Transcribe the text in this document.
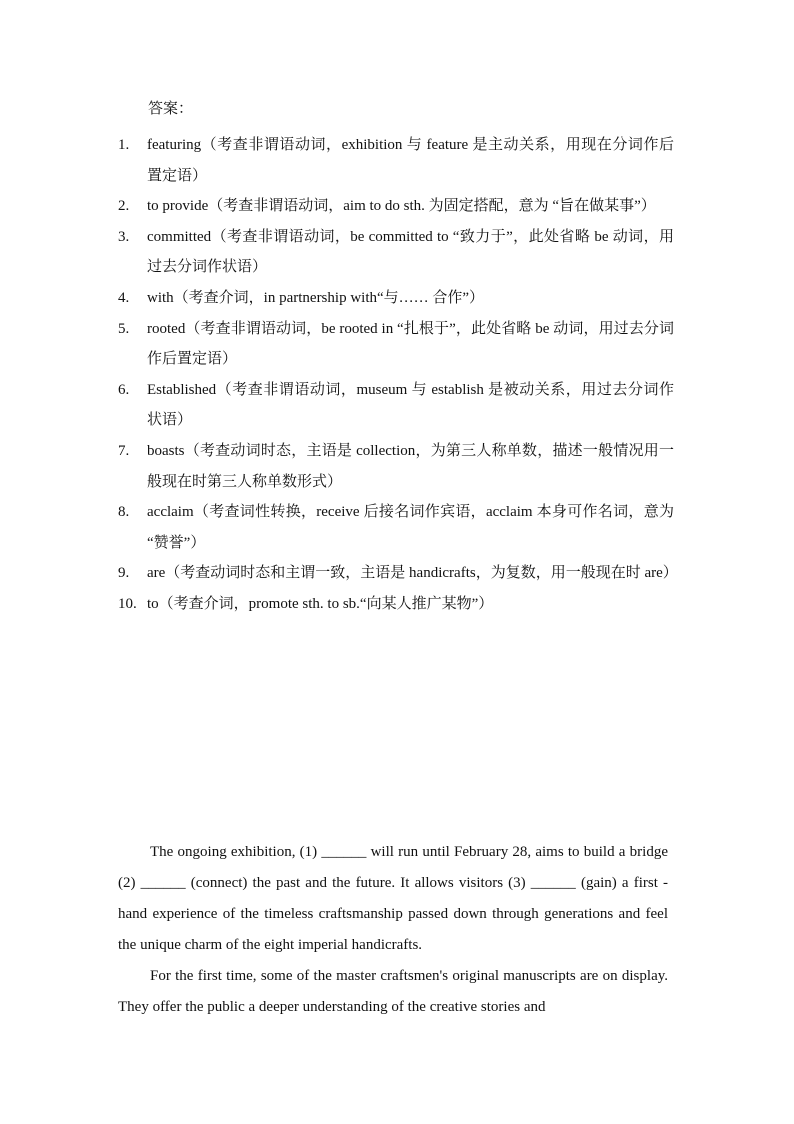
答案：
1. featuring（考查非谓语动词，exhibition 与 feature 是主动关系，用现在分词作后置定语）
2. to provide（考查非谓语动词，aim to do sth. 为固定搭配，意为 “旨在做某事”）
3. committed（考查非谓语动词，be committed to “致力于”，此处省略 be 动词，用过去分词作状语）
4. with（考查介词，in partnership with“与…… 合作”）
5. rooted（考查非谓语动词，be rooted in “扎根于”，此处省略 be 动词，用过去分词作后置定语）
6. Established（考查非谓语动词，museum 与 establish 是被动关系，用过去分词作状语）
7. boasts（考查动词时态，主语是 collection，为第三人称单数，描述一般情况用一般现在时第三人称单数形式）
8. acclaim（考查词性转换，receive 后接名词作宾语，acclaim 本身可作名词，意为 “赞誉”）
9. are（考查动词时态和主谓一致，主语是 handicrafts，为复数，用一般现在时 are）
10. to（考查介词，promote sth. to sb.“向某人推广某物”）

The ongoing exhibition, (1) ______ will run until February 28, aims to build a bridge (2) ______ (connect) the past and the future. It allows visitors (3) ______ (gain) a first - hand experience of the timeless craftsmanship passed down through generations and feel the unique charm of the eight imperial handicrafts.

For the first time, some of the master craftsmen's original manuscripts are on display. They offer the public a deeper understanding of the creative stories and
